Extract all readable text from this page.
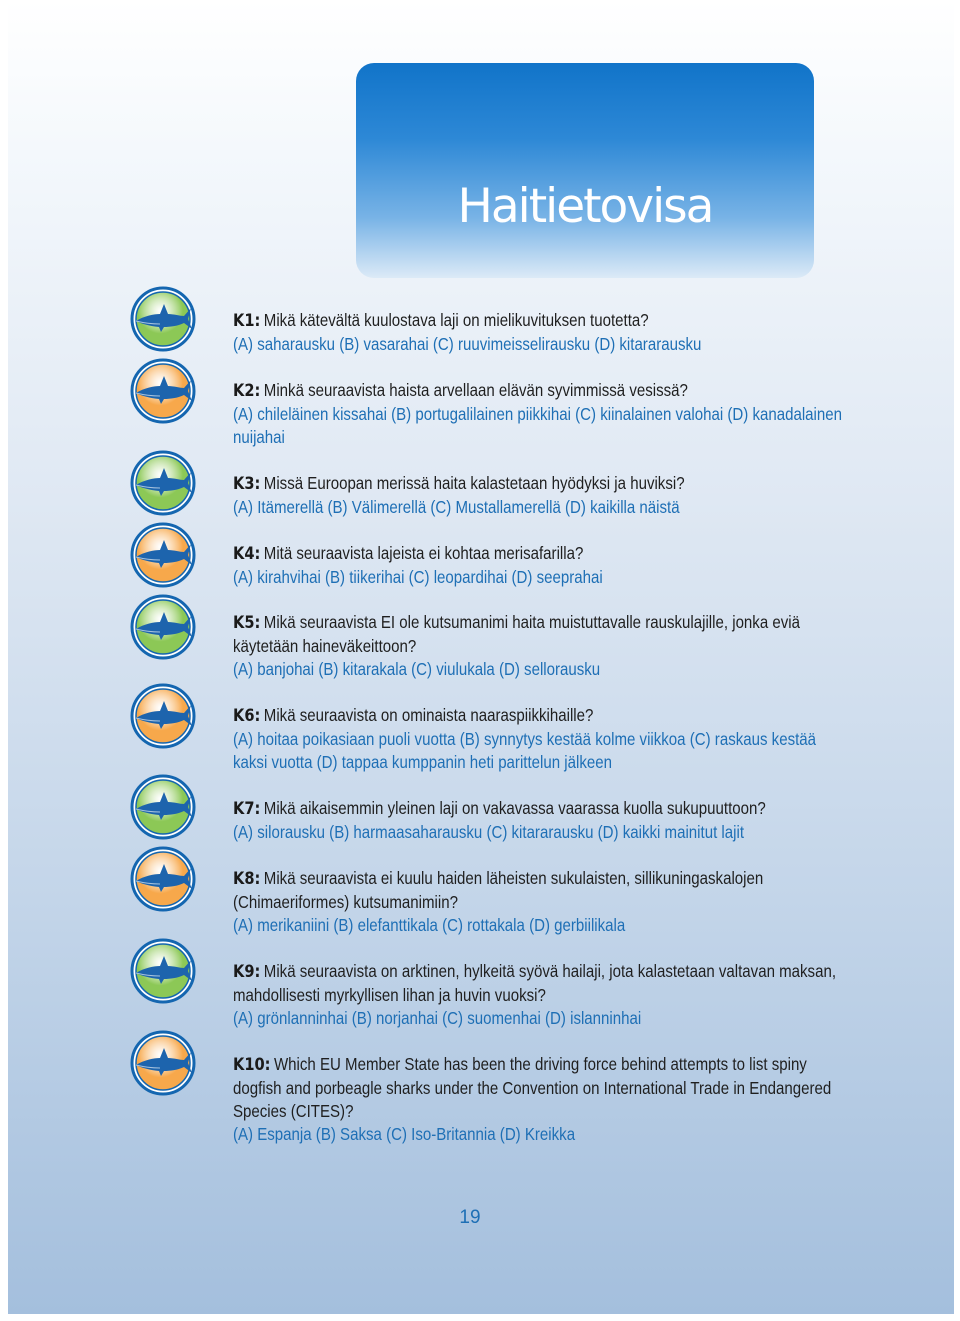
Haitietovisa
K1: Mikä kätevältä kuulostava laji on mielikuvituksen tuotetta?
(A) saharausku (B) vasarahai (C) ruuvimeisselirausku (D) kitararausku
K2: Minkä seuraavista haista arvellaan elävän syvimmissä vesissä?
(A) chileläinen kissahai (B) portugalilainen piikkihai (C) kiinalainen valohai (D) kanadalainen nuijahai
K3: Missä Euroopan merissä haita kalastetaan hyödyksi ja huviksi?
(A) Itämerellä (B) Välimerellä (C) Mustallamerellä (D) kaikilla näistä
K4: Mitä seuraavista lajeista ei kohtaa merisafarilla?
(A) kirahvihai (B) tiikerihai (C) leopardihai (D) seeprahai
K5: Mikä seuraavista EI ole kutsumanimi haita muistuttavalle rauskulajille, jonka eviä käytetään haineväkeittoon?
(A) banjohai (B) kitarakala (C) viulukala (D) sellorausku
K6: Mikä seuraavista on ominaista naaraspiikkihaille?
(A) hoitaa poikasiaan puoli vuotta (B) synnytys kestää kolme viikkoa (C) raskaus kestää kaksi vuotta (D) tappaa kumppanin heti parittelun jälkeen
K7: Mikä aikaisemmin yleinen laji on vakavassa vaarassa kuolla sukupuuttoon?
(A) silorausku (B) harmaasaharausku (C) kitararausku (D) kaikki mainitut lajit
K8: Mikä seuraavista ei kuulu haiden läheisten sukulaisten, sillikuningaskalojen (Chimaeriformes) kutsumanimiin?
(A) merikaniini (B) elefanttikala (C) rottakala (D) gerbiilikala
K9: Mikä seuraavista on arktinen, hylkeitä syövä hailaji, jota kalastetaan valtavan maksan, mahdollisesti myrkyllisen lihan ja huvin vuoksi?
(A) grönlanninhai (B) norjanhai (C) suomenhai (D) islanninhai
K10: Which EU Member State has been the driving force behind attempts to list spiny dogfish and porbeagle sharks under the Convention on International Trade in Endangered Species (CITES)?
(A) Espanja (B) Saksa (C) Iso-Britannia (D) Kreikka
19
